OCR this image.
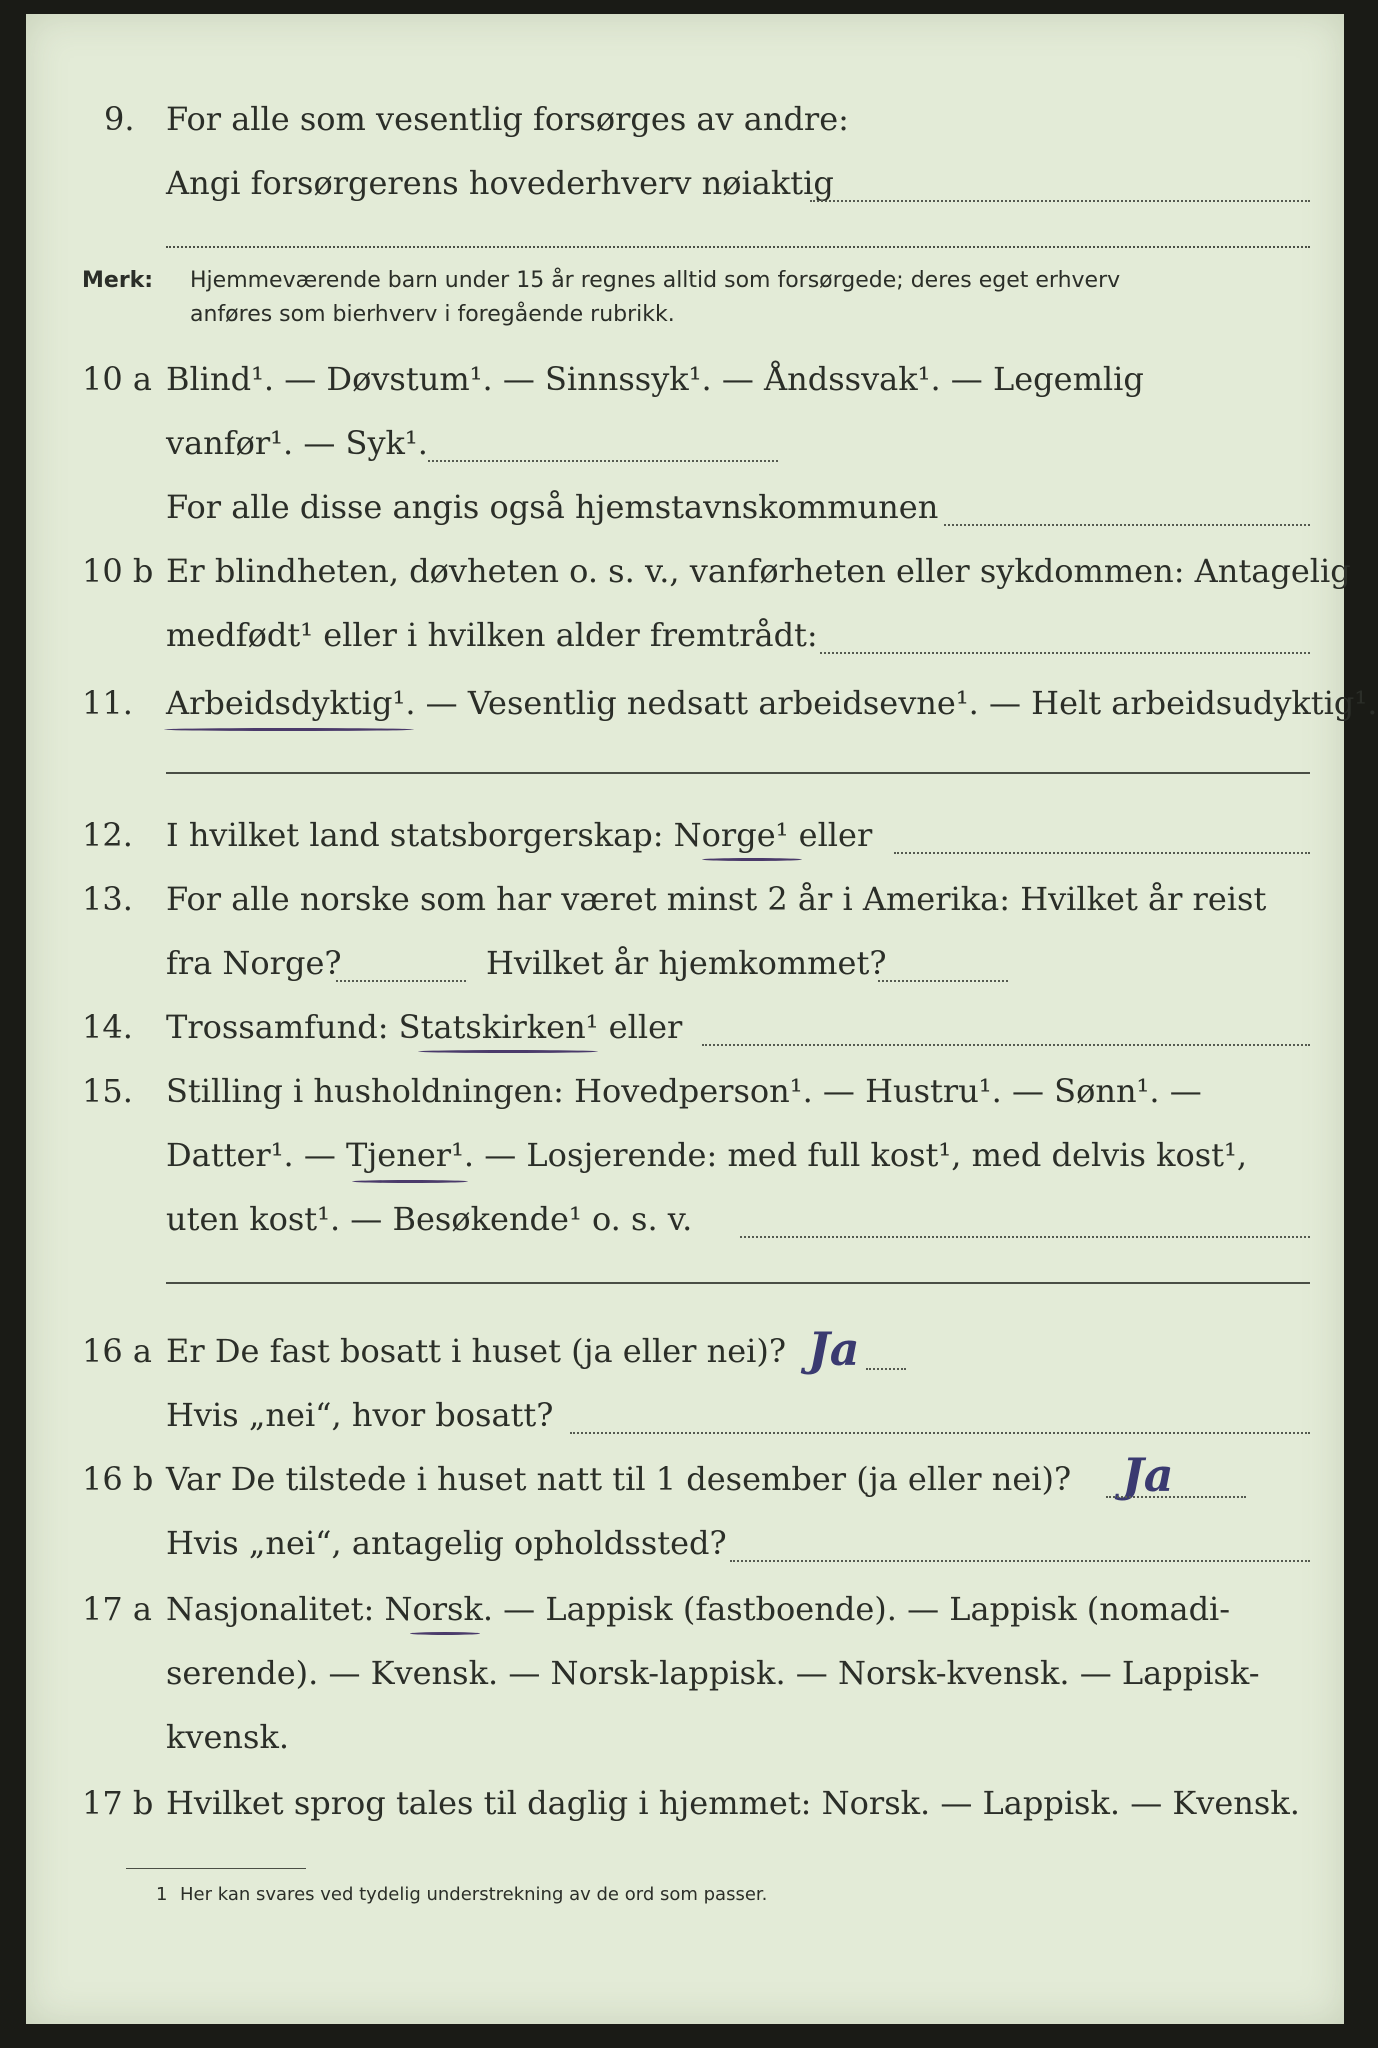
9. For alle som vesentlig forsørges av andre:
Angi forsørgerens hovederhverv nøiaktig
Merk: Hjemmeværende barn under 15 år regnes alltid som forsørgede; deres eget erhverv
anføres som bierhverv i foregående rubrikk.
10 a Blind¹. — Døvstum¹. — Sinnssyk¹. — Åndssvak¹. — Legemlig
vanfør¹. — Syk¹.
For alle disse angis også hjemstavnskommunen
10 b Er blindheten, døvheten o. s. v., vanførheten eller sykdommen: Antagelig
medfødt¹ eller i hvilken alder fremtrådt:
11. Arbeidsdyktig¹. — Vesentlig nedsatt arbeidsevne¹. — Helt arbeidsudyktig¹.
12. I hvilket land statsborgerskap: Norge¹ eller
13. For alle norske som har været minst 2 år i Amerika: Hvilket år reist
fra Norge?	Hvilket år hjemkommet?
14. Trossamfund: Statskirken¹ eller
15. Stilling i husholdningen: Hovedperson¹. — Hustru¹. — Sønn¹. —
Datter¹. — Tjener¹. — Losjerende: med full kost¹, med delvis kost¹,
uten kost¹. — Besøkende¹ o. s. v.
16 a Er De fast bosatt i huset (ja eller nei)? Ja
Hvis „nei“, hvor bosatt?
16 b Var De tilstede i huset natt til 1 desember (ja eller nei)? Ja
Hvis „nei“, antagelig opholdssted?
17 a Nasjonalitet: Norsk. — Lappisk (fastboende). — Lappisk (nomadi-
serende). — Kvensk. — Norsk-lappisk. — Norsk-kvensk. — Lappisk-
kvensk.
17 b Hvilket sprog tales til daglig i hjemmet: Norsk. — Lappisk. — Kvensk.
1 Her kan svares ved tydelig understrekning av de ord som passer.
